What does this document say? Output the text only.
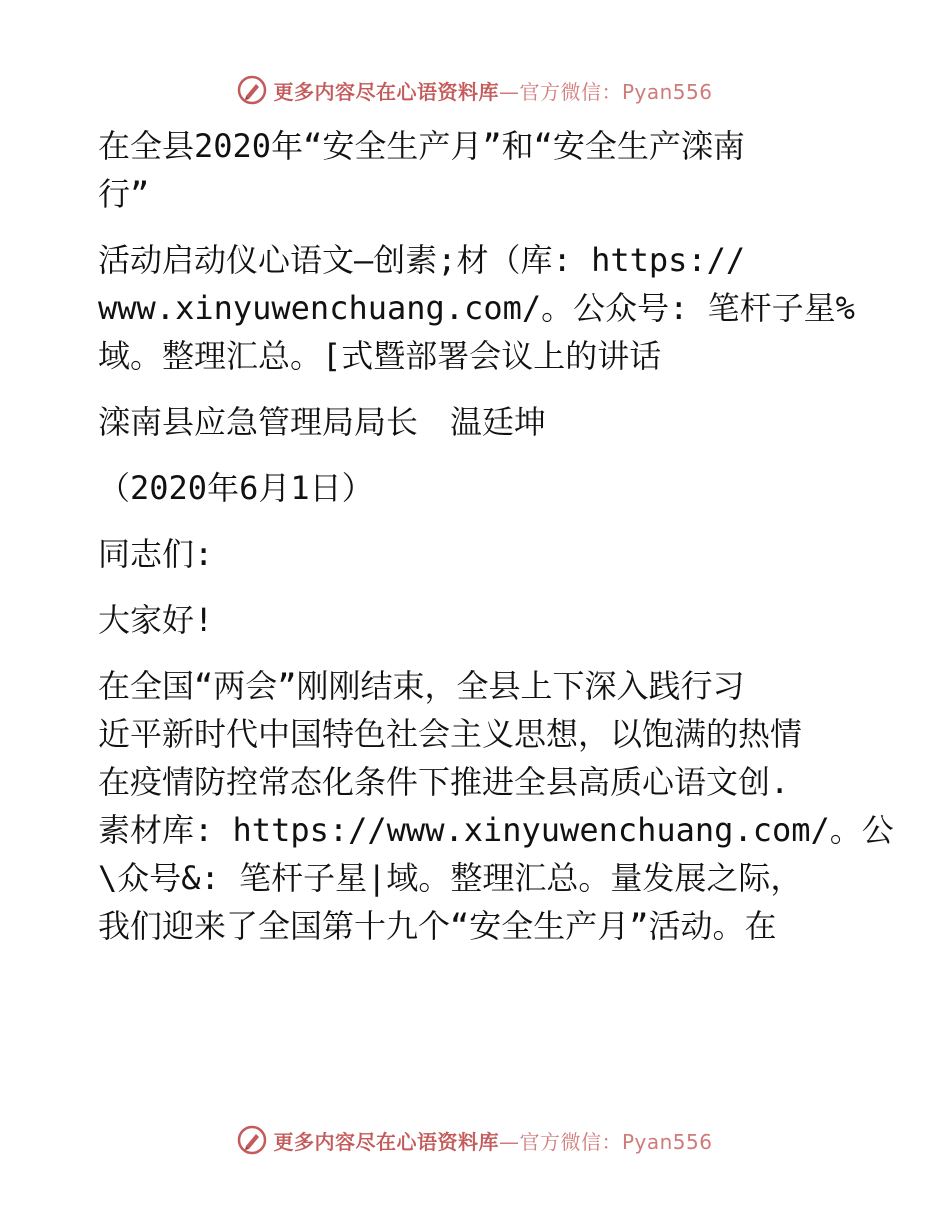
更多内容尽在心语资料库—官方微信：Pyan556
在全县2020年“安全生产月”和“安全生产滦南
行”
活动启动仪心语文—创素;材（库: https://
www.xinyuwenchuang.com/。公众号: 笔杆子星%
域。整理汇总。[式暨部署会议上的讲话
滦南县应急管理局局长　温廷坤
（2020年6月1日）
同志们:
大家好!
在全国“两会”刚刚结束，全县上下深入践行习
近平新时代中国特色社会主义思想，以饱满的热情
在疫情防控常态化条件下推进全县高质心语文创.
素材库: https://www.xinyuwenchuang.com/。公
\众号&: 笔杆子星|域。整理汇总。量发展之际，
我们迎来了全国第十九个“安全生产月”活动。在
更多内容尽在心语资料库—官方微信：Pyan556
